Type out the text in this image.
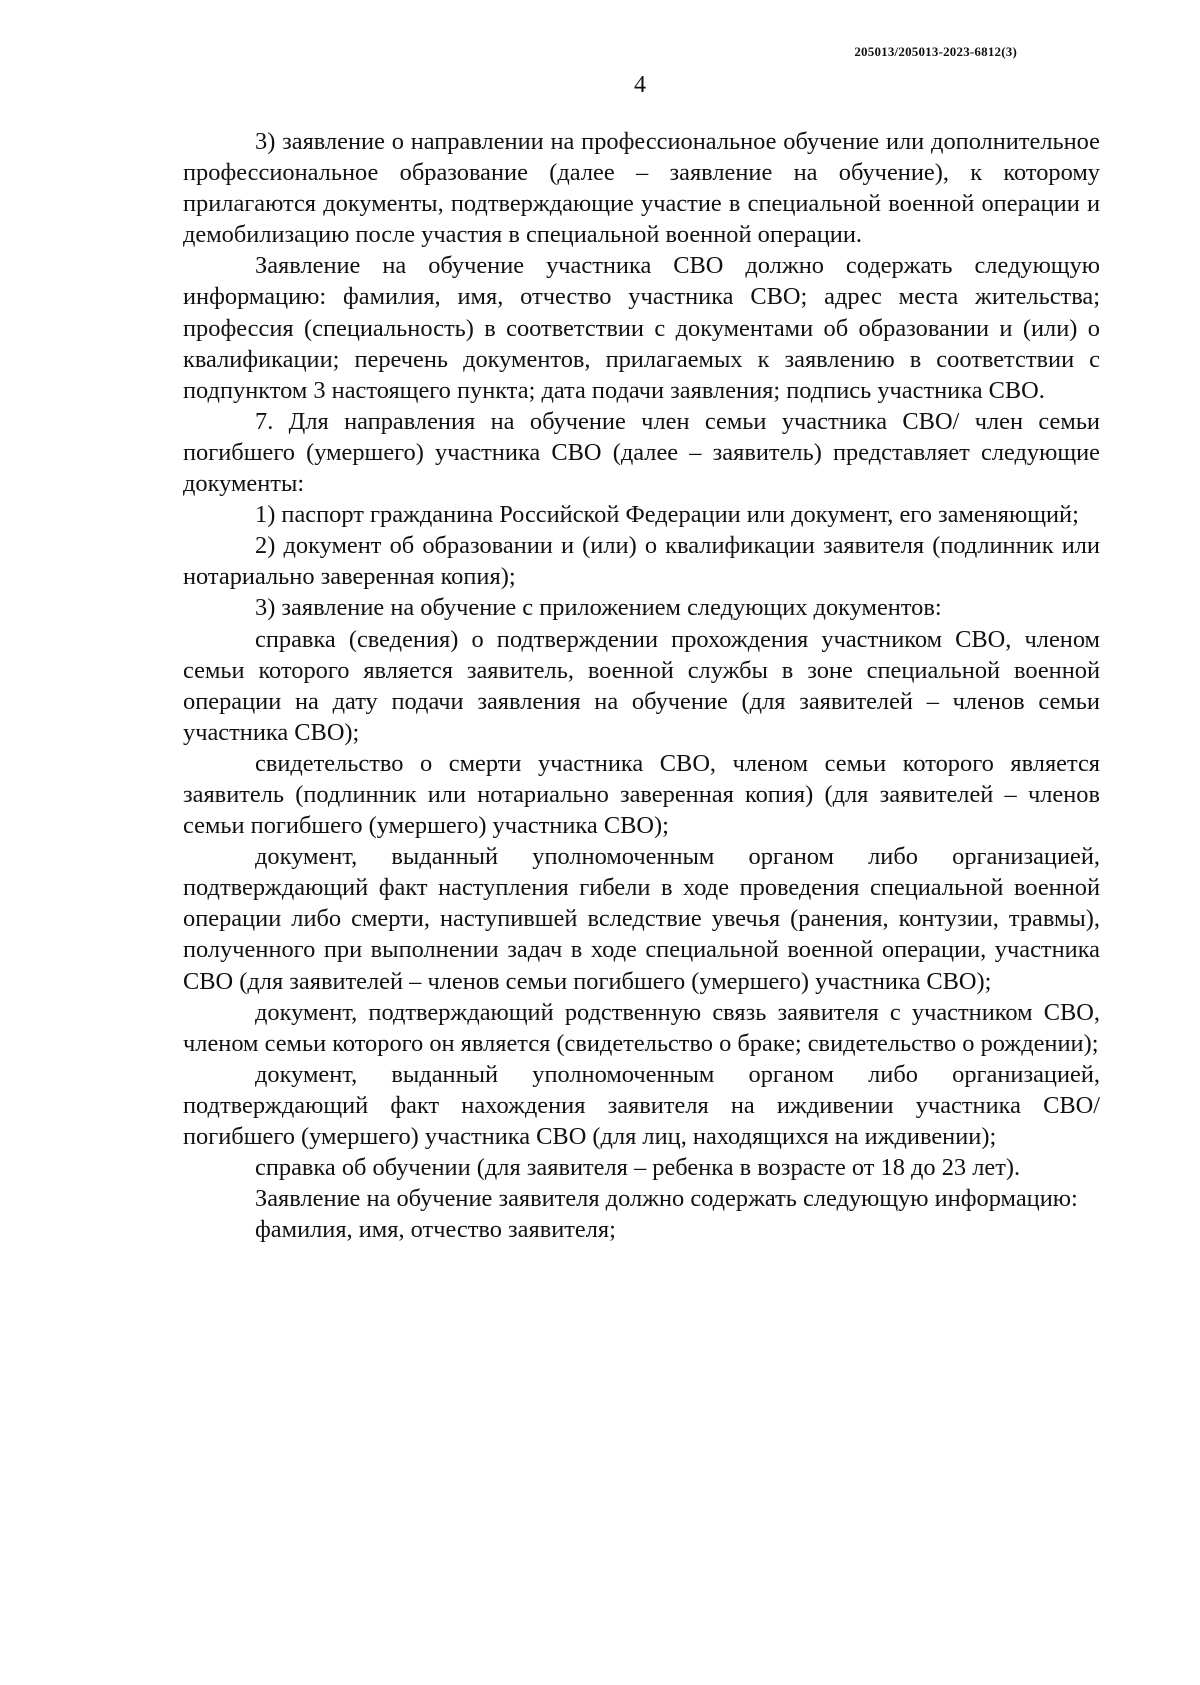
205013/205013-2023-6812(3)
4

3) заявление о направлении на профессиональное обучение или дополнительное профессиональное образование (далее – заявление на обучение), к которому прилагаются документы, подтверждающие участие в специальной военной операции и демобилизацию после участия в специальной военной операции.

Заявление на обучение участника СВО должно содержать следующую информацию: фамилия, имя, отчество участника СВО; адрес места жительства; профессия (специальность) в соответствии с документами об образовании и (или) о квалификации; перечень документов, прилагаемых к заявлению в соответствии с подпунктом 3 настоящего пункта; дата подачи заявления; подпись участника СВО.

7. Для направления на обучение член семьи участника СВО/ член семьи погибшего (умершего) участника СВО (далее – заявитель) представляет следующие документы:

1) паспорт гражданина Российской Федерации или документ, его заменяющий;

2) документ об образовании и (или) о квалификации заявителя (подлинник или нотариально заверенная копия);

3) заявление на обучение с приложением следующих документов:

справка (сведения) о подтверждении прохождения участником СВО, членом семьи которого является заявитель, военной службы в зоне специальной военной операции на дату подачи заявления на обучение (для заявителей – членов семьи участника СВО);

свидетельство о смерти участника СВО, членом семьи которого является заявитель (подлинник или нотариально заверенная копия) (для заявителей – членов семьи погибшего (умершего) участника СВО);

документ, выданный уполномоченным органом либо организацией, подтверждающий факт наступления гибели в ходе проведения специальной военной операции либо смерти, наступившей вследствие увечья (ранения, контузии, травмы), полученного при выполнении задач в ходе специальной военной операции, участника СВО (для заявителей – членов семьи погибшего (умершего) участника СВО);

документ, подтверждающий родственную связь заявителя с участником СВО, членом семьи которого он является (свидетельство о браке; свидетельство о рождении);

документ, выданный уполномоченным органом либо организацией, подтверждающий факт нахождения заявителя на иждивении участника СВО/ погибшего (умершего) участника СВО (для лиц, находящихся на иждивении);

справка об обучении (для заявителя – ребенка в возрасте от 18 до 23 лет).

Заявление на обучение заявителя должно содержать следующую информацию:

фамилия, имя, отчество заявителя;
